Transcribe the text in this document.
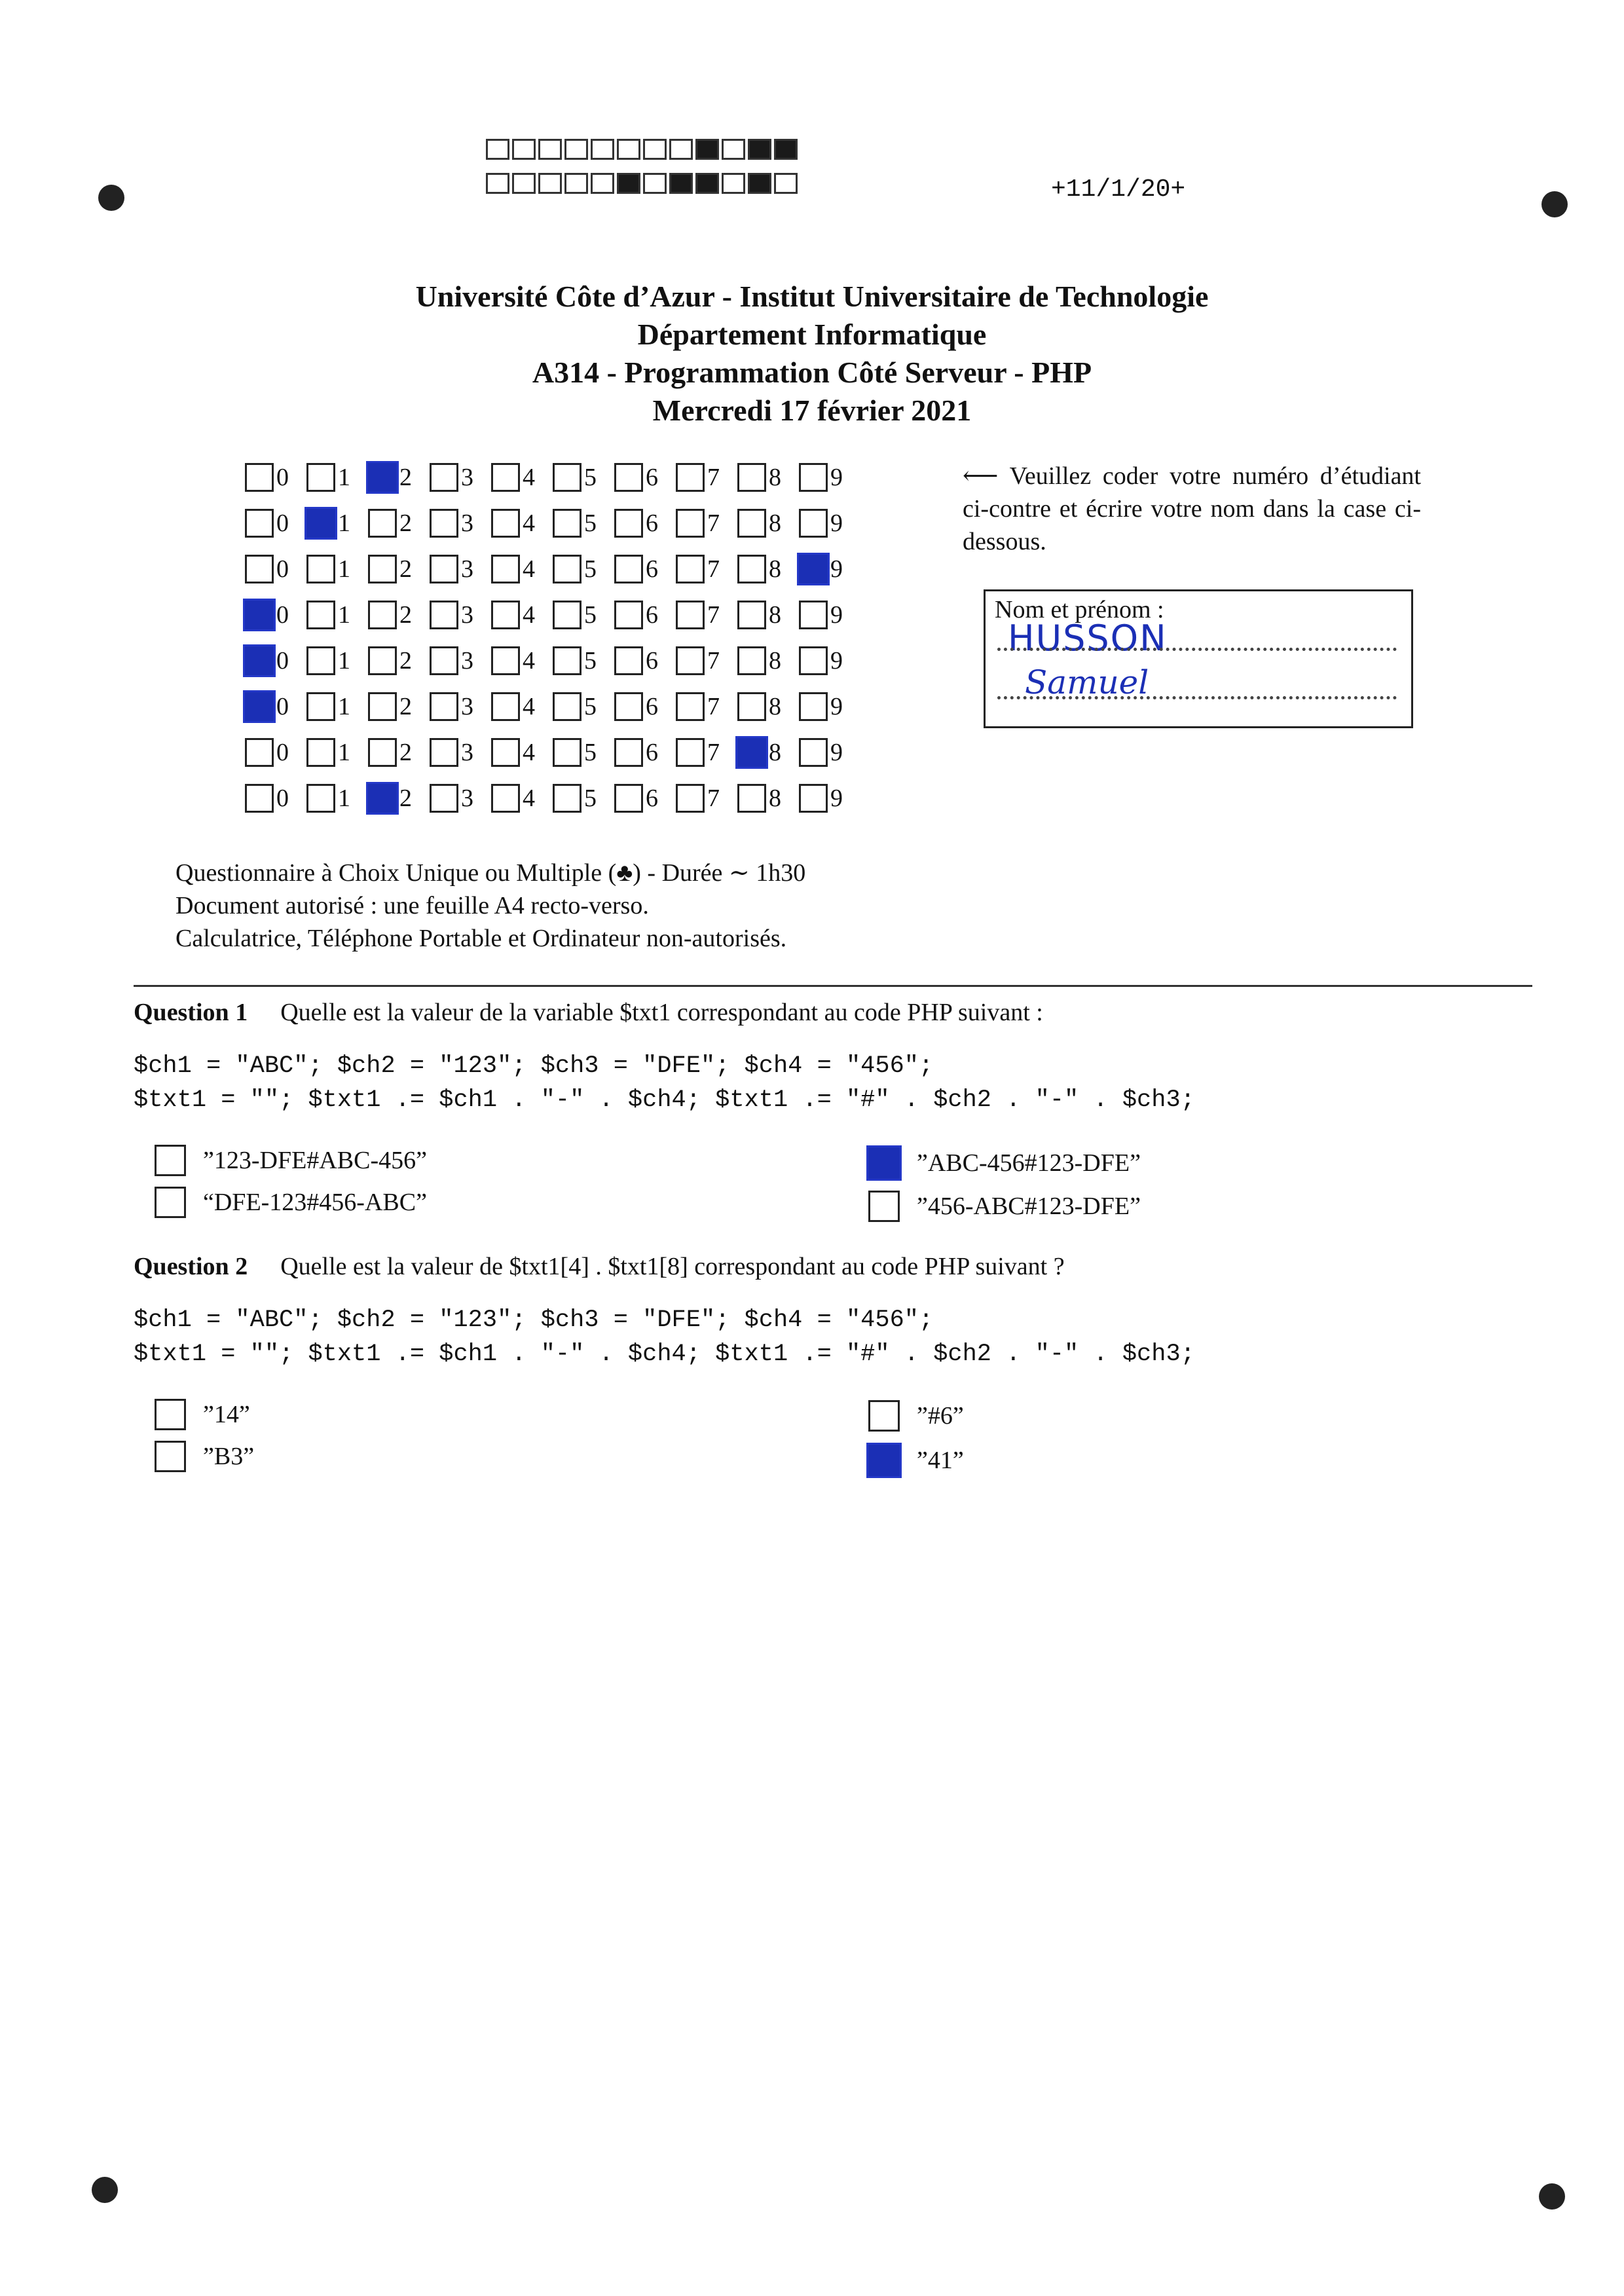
+11/1/20+
Université Côte d’Azur - Institut Universitaire de Technologie
Département Informatique
A314 - Programmation Côté Serveur - PHP
Mercredi 17 février 2021
0 1 2 3 4 5 6 7 8 9
0 1 2 3 4 5 6 7 8 9
0 1 2 3 4 5 6 7 8 9
0 1 2 3 4 5 6 7 8 9
0 1 2 3 4 5 6 7 8 9
0 1 2 3 4 5 6 7 8 9
0 1 2 3 4 5 6 7 8 9
0 1 2 3 4 5 6 7 8 9
⟵ Veuillez coder votre numéro d’étudiant ci-contre et écrire votre nom dans la case ci-dessous.
Nom et prénom :
HUSSON
Samuel
Questionnaire à Choix Unique ou Multiple (♣) - Durée ∼ 1h30
Document autorisé : une feuille A4 recto-verso.
Calculatrice, Téléphone Portable et Ordinateur non-autorisés.
Question 1 Quelle est la valeur de la variable $txt1 correspondant au code PHP suivant :
$ch1 = "ABC"; $ch2 = "123"; $ch3 = "DFE"; $ch4 = "456";
$txt1 = ""; $txt1 .= $ch1 . "-" . $ch4; $txt1 .= "#" . $ch2 . "-" . $ch3;
”123-DFE#ABC-456”
“DFE-123#456-ABC”
”ABC-456#123-DFE”
”456-ABC#123-DFE”
Question 2 Quelle est la valeur de $txt1[4] . $txt1[8] correspondant au code PHP suivant ?
$ch1 = "ABC"; $ch2 = "123"; $ch3 = "DFE"; $ch4 = "456";
$txt1 = ""; $txt1 .= $ch1 . "-" . $ch4; $txt1 .= "#" . $ch2 . "-" . $ch3;
”14”
”B3”
”#6”
”41”
